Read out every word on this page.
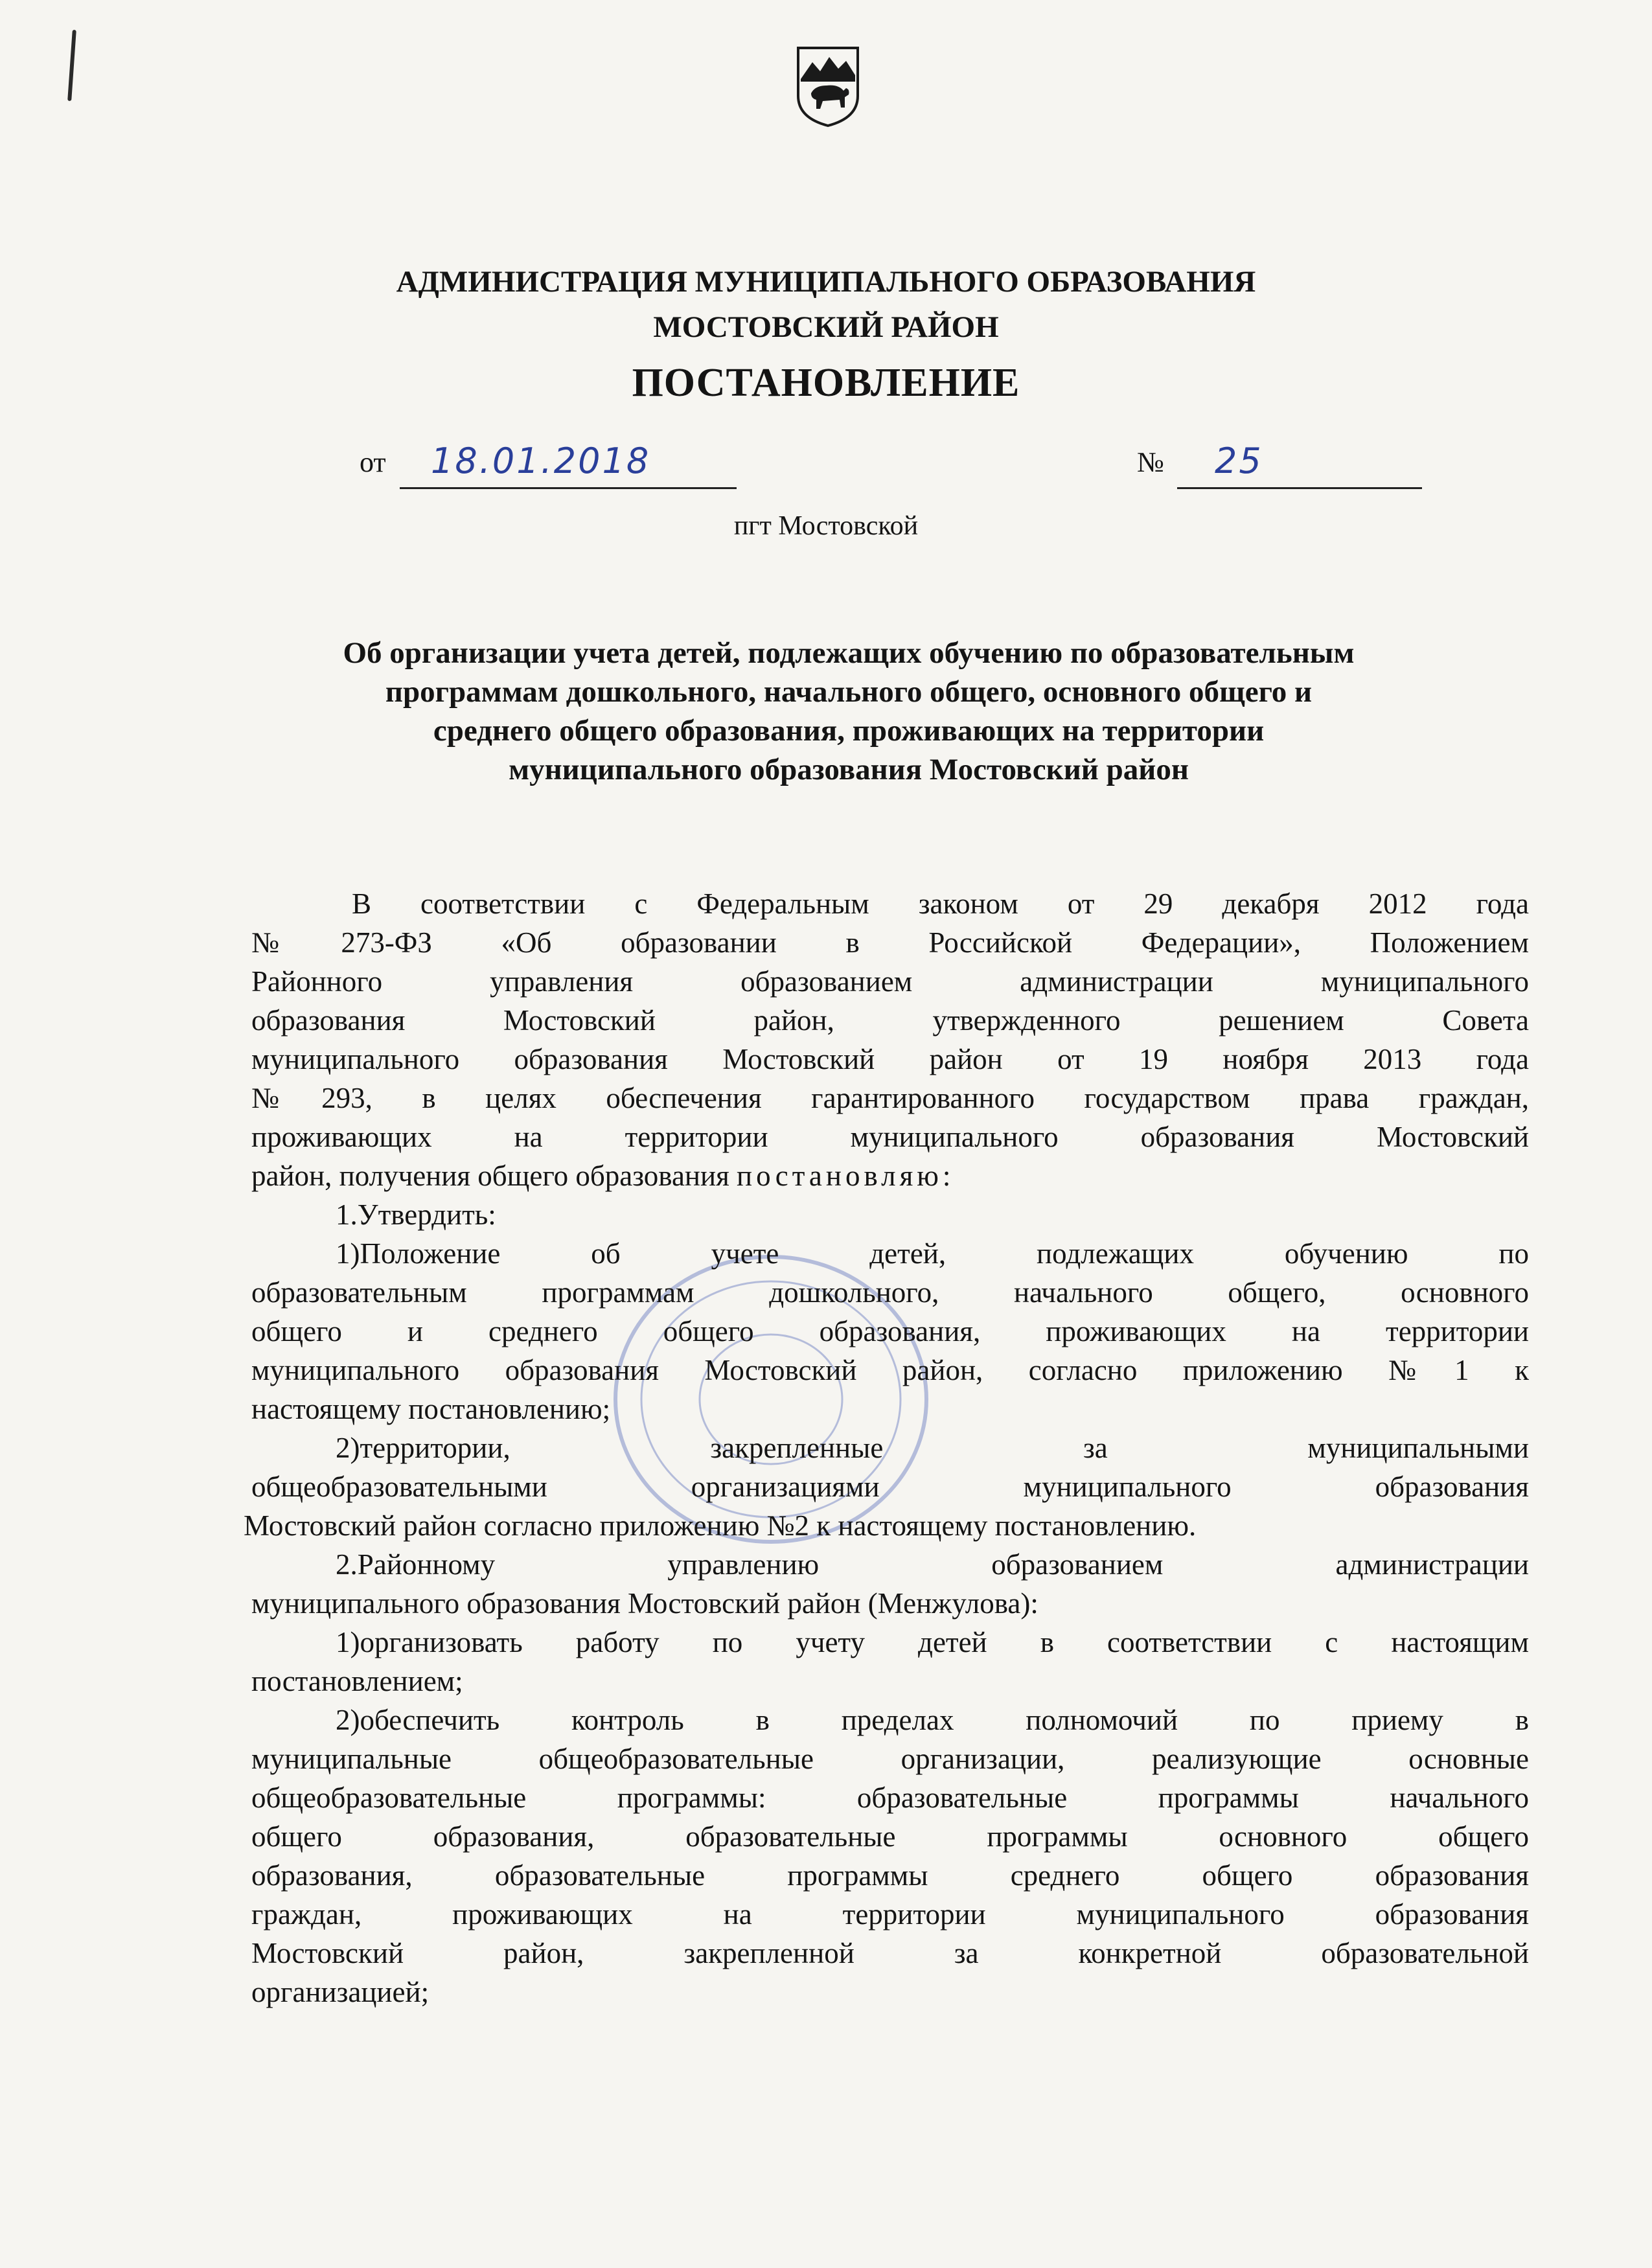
АДМИНИСТРАЦИЯ МУНИЦИПАЛЬНОГО ОБРАЗОВАНИЯ
МОСТОВСКИЙ РАЙОН
ПОСТАНОВЛЕНИЕ
от 18.01.2018	№ 25
пгт Мостовской
Об организации учета детей, подлежащих обучению по образовательным
программам дошкольного, начального общего, основного общего и
среднего общего образования, проживающих на территории
муниципального образования Мостовский район

В соответствии с Федеральным законом от 29 декабря 2012 года

№273-ФЗ «Об образовании в Российской Федерации», Положением

Районного управления образованием администрации муниципального

образования Мостовский район, утвержденного решением Совета

муниципального образования Мостовский район от 19 ноября 2013 года

№293, в целях обеспечения гарантированного государством права граждан,

проживающих на территории муниципального образования Мостовский

район, получения общего образования постановляю:

1.Утвердить:

1)Положение об учете детей, подлежащих обучению по

образовательным программам дошкольного, начального общего, основного

общего и среднего общего образования, проживающих на территории

муниципального образования Мостовский район, согласно приложению №1 к

настоящему постановлению;

2)территории, закрепленные за муниципальными

общеобразовательными организациями муниципального образования

Мостовский район согласно приложению №2 к настоящему постановлению.

2.Районному управлению образованием администрации

муниципального образования Мостовский район (Менжулова):

1)организовать работу по учету детей в соответствии с настоящим

постановлением;

2)обеспечить контроль в пределах полномочий по приему в

муниципальные общеобразовательные организации, реализующие основные

общеобразовательные программы: образовательные программы начального

общего образования, образовательные программы основного общего

образования, образовательные программы среднего общего образования

граждан, проживающих на территории муниципального образования

Мостовский район, закрепленной за конкретной образовательной

организацией;
